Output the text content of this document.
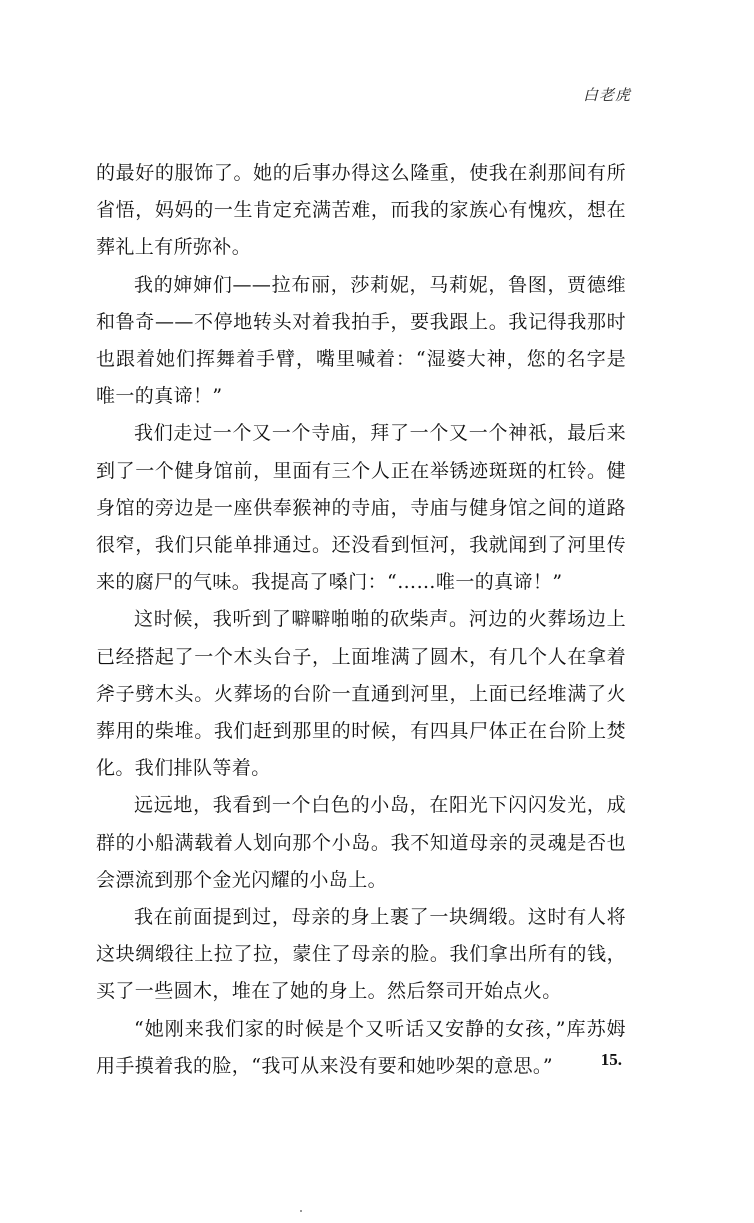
白老虎

的最好的服饰了。她的后事办得这么隆重，使我在刹那间有所省悟，妈妈的一生肯定充满苦难，而我的家族心有愧疚，想在葬礼上有所弥补。

我的婶婶们——拉布丽，莎莉妮，马莉妮，鲁图，贾德维和鲁奇——不停地转头对着我拍手，要我跟上。我记得我那时也跟着她们挥舞着手臂，嘴里喊着：“湿婆大神，您的名字是唯一的真谛！”

我们走过一个又一个寺庙，拜了一个又一个神祇，最后来到了一个健身馆前，里面有三个人正在举锈迹斑斑的杠铃。健身馆的旁边是一座供奉猴神的寺庙，寺庙与健身馆之间的道路很窄，我们只能单排通过。还没看到恒河，我就闻到了河里传来的腐尸的气味。我提高了嗓门：“……唯一的真谛！”

这时候，我听到了噼噼啪啪的砍柴声。河边的火葬场边上已经搭起了一个木头台子，上面堆满了圆木，有几个人在拿着斧子劈木头。火葬场的台阶一直通到河里，上面已经堆满了火葬用的柴堆。我们赶到那里的时候，有四具尸体正在台阶上焚化。我们排队等着。

远远地，我看到一个白色的小岛，在阳光下闪闪发光，成群的小船满载着人划向那个小岛。我不知道母亲的灵魂是否也会漂流到那个金光闪耀的小岛上。

我在前面提到过，母亲的身上裹了一块绸缎。这时有人将这块绸缎往上拉了拉，蒙住了母亲的脸。我们拿出所有的钱，买了一些圆木，堆在了她的身上。然后祭司开始点火。

“她刚来我们家的时候是个又听话又安静的女孩，”库苏姆用手摸着我的脸，“我可从来没有要和她吵架的意思。”	15.
